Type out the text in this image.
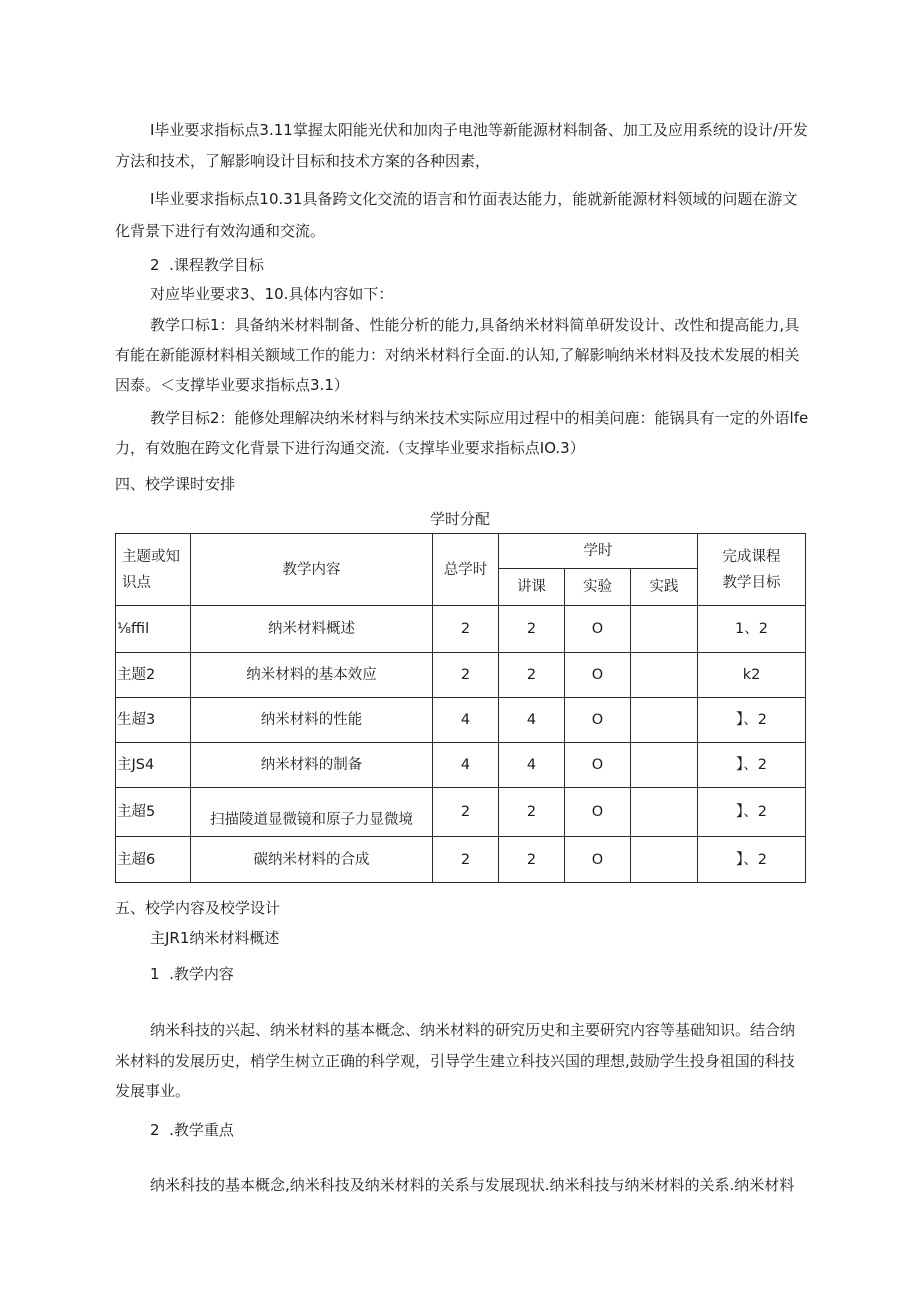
I毕业要求指标点3.11掌握太阳能光伏和加肉子电池等新能源材料制备、加工及应用系统的设计/开发
方法和技术，了解影响设计目标和技术方案的各种因素，
I毕业要求指标点10.31具备跨文化交流的语言和竹面表达能力，能就新能源材料领域的问题在游文
化背景下进行有效沟通和交流。
2  .课程教学目标
对应毕业要求3、10.具体内容如下：
教学口标1：具备纳米材料制备、性能分析的能力,具备纳米材料简单研发设计、改性和提高能力,具
有能在新能源材料相关额域工作的能力：对纳米材料行全面.的认知,了解影响纳米材料及技术发展的相关
因泰。＜支撑毕业要求指标点3.1）
教学目标2：能修处理解决纳米材料与纳米技术实际应用过程中的相美问鹿：能锅具有一定的外语lfe
力，有效胞在跨文化背景下进行沟通交流.（支撑毕业要求指标点IO.3）
四、校学课时安排
学时分配
主题或知识点	教学内容	总学时	学时			完成课程教学目标
			讲课	实验	实践	
⅛ffil	纳米材料概述	2	2	O		1、2
主题2	纳米材料的基本效应	2	2	O		k2
生超3	纳米材料的性能	4	4	O		】、2
主JS4	纳米材料的制备	4	4	O		】、2
主超5	扫描陵道显微镜和原子力显微境	2	2	O		】、2
主超6	碳纳米材料的合成	2	2	O		】、2
五、校学内容及校学设计
主JR1纳米材料概述
1  .教学内容
纳米科技的兴起、纳米材料的基本概念、纳米材料的研究历史和主要研究内容等基础知识。结合纳
米材料的发展历史，梢学生树立正确的科学观，引导学生建立科技兴国的理想,鼓励学生投身祖国的科技
发展事业。
2  .教学重点
纳米科技的基本概念,纳米科技及纳米材料的关系与发展现状.纳米科技与纳米材料的关系.纳米材料
